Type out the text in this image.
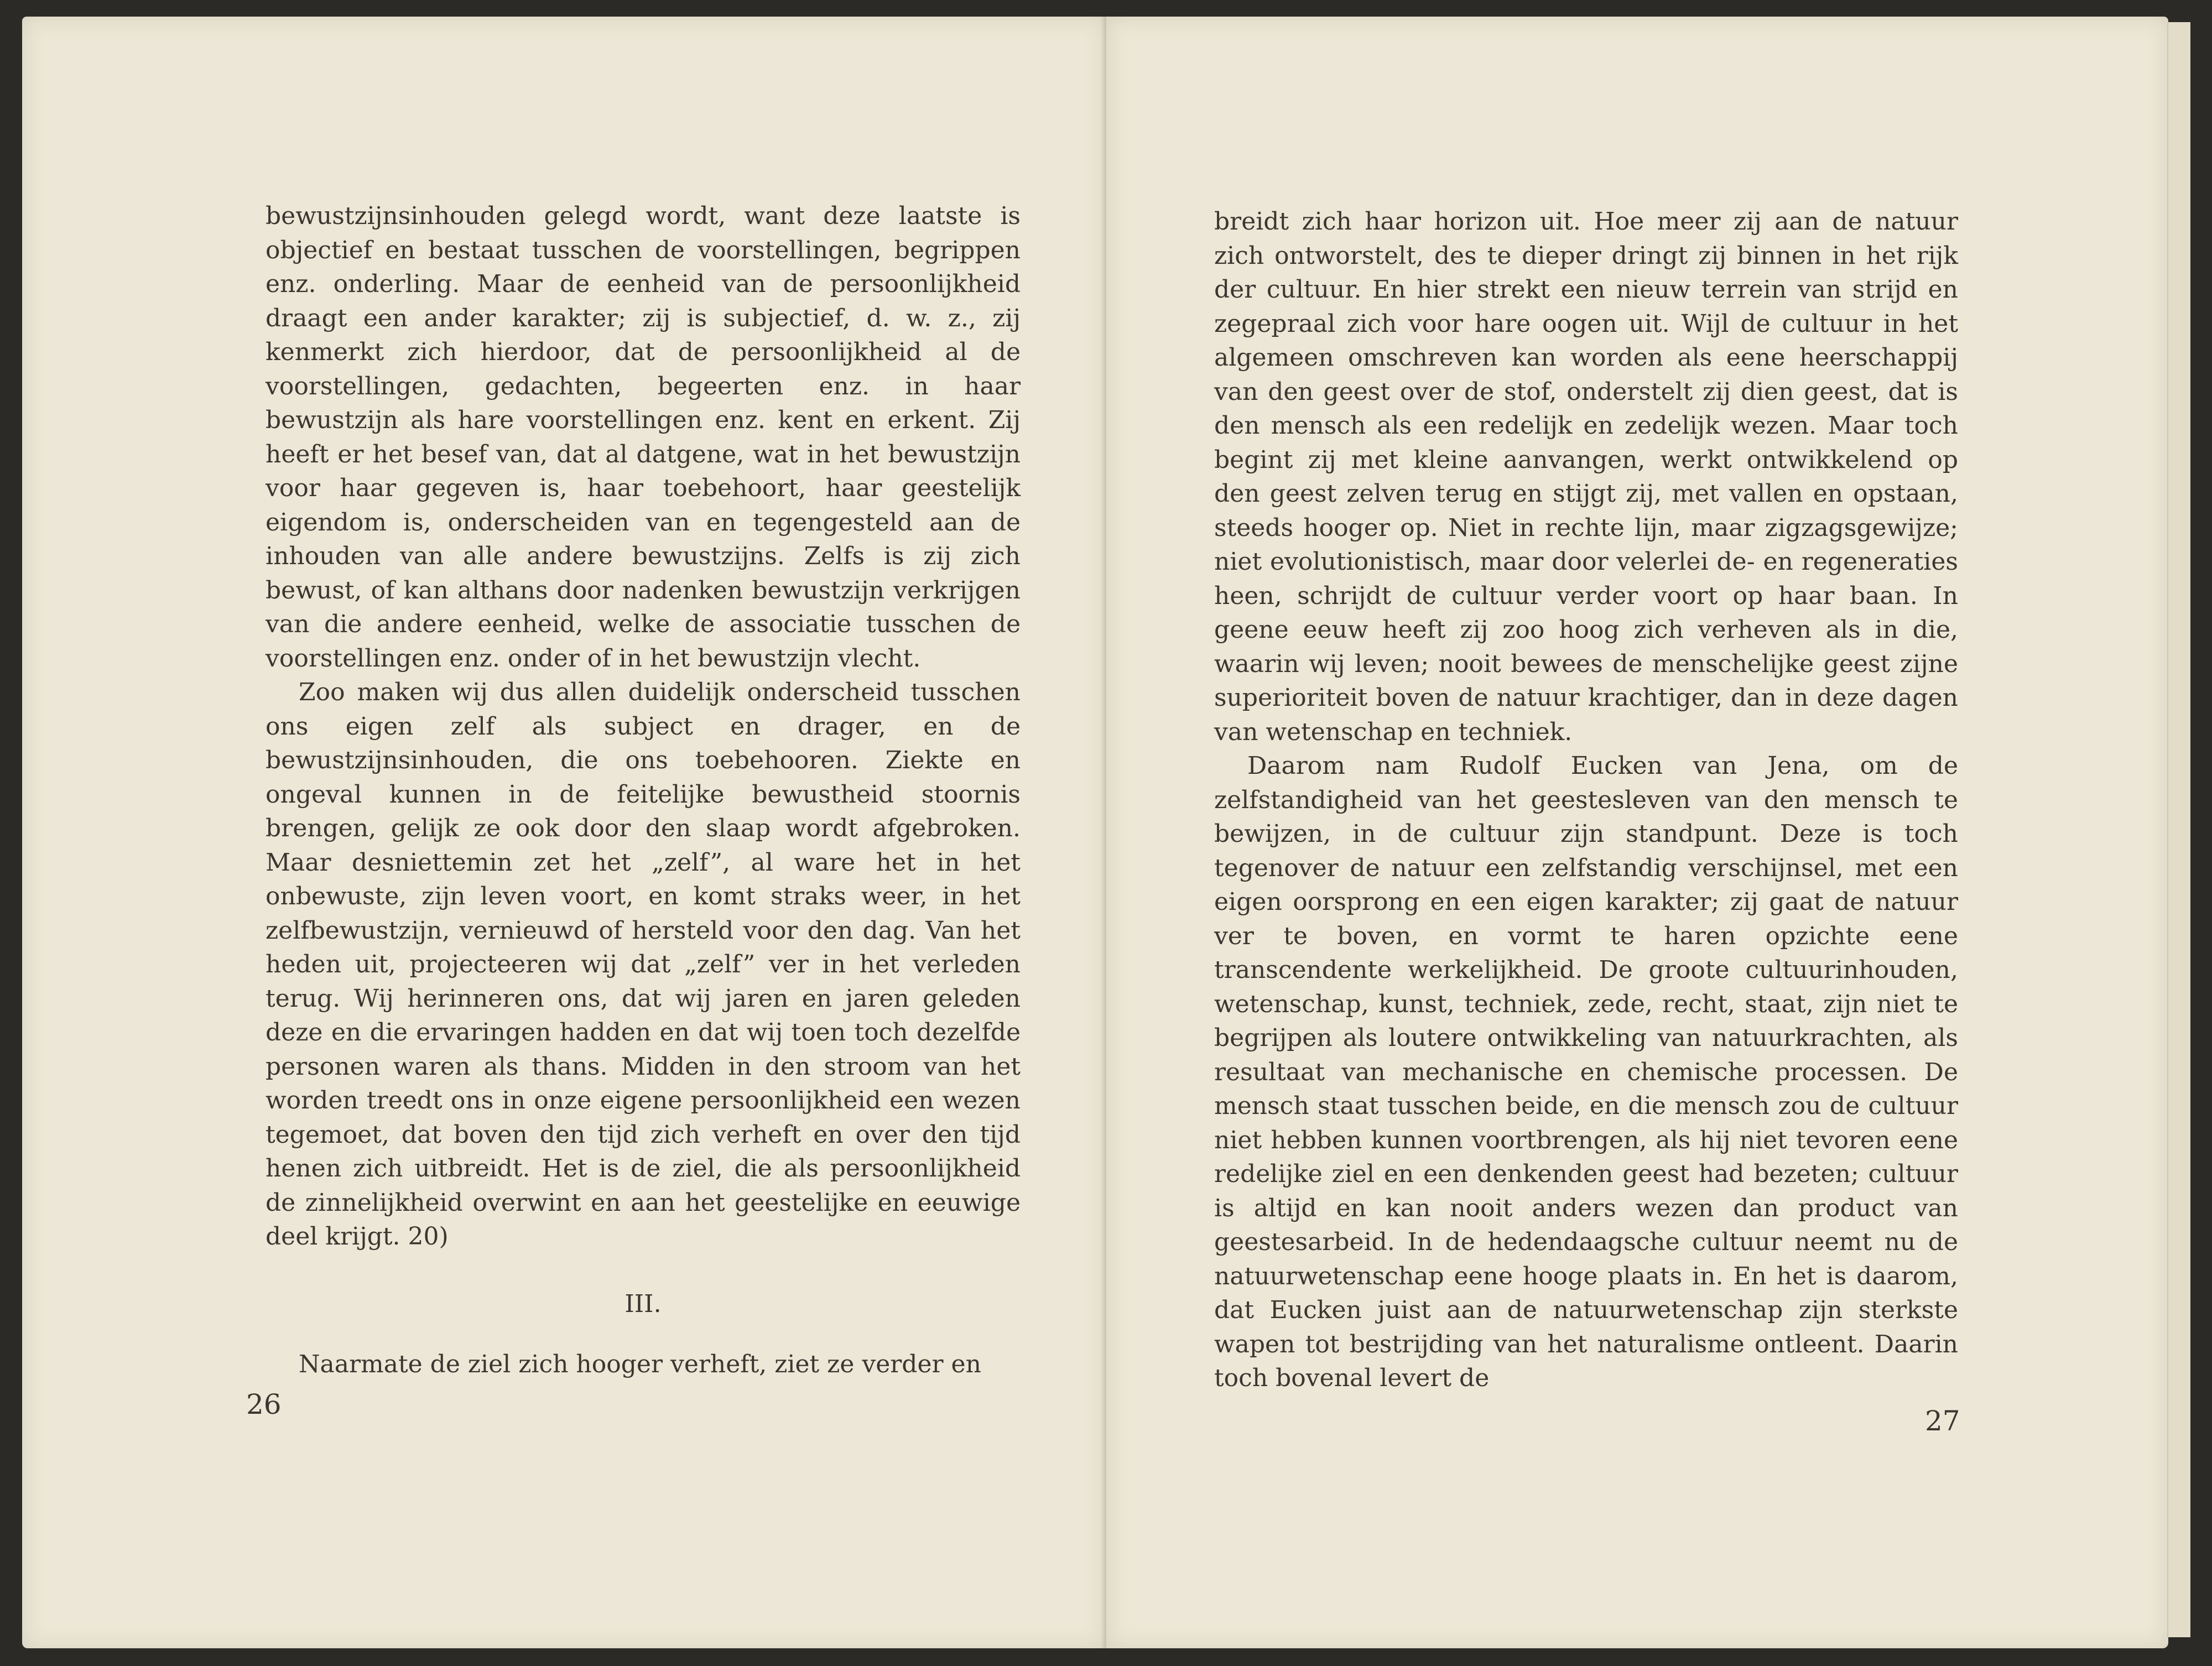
bewustzijnsinhouden gelegd wordt, want deze laatste is objectief en bestaat tusschen de voorstellingen, begrippen enz. onderling. Maar de eenheid van de persoonlijkheid draagt een ander karakter; zij is subjectief, d. w. z., zij kenmerkt zich hierdoor, dat de persoonlijkheid al de voorstellingen, gedachten, begeerten enz. in haar bewustzijn als hare voorstellingen enz. kent en erkent. Zij heeft er het besef van, dat al datgene, wat in het bewustzijn voor haar gegeven is, haar toebehoort, haar geestelijk eigendom is, onderscheiden van en tegengesteld aan de inhouden van alle andere bewustzijns. Zelfs is zij zich bewust, of kan althans door nadenken bewustzijn verkrijgen van die andere eenheid, welke de associatie tusschen de voorstellingen enz. onder of in het bewustzijn vlecht.

Zoo maken wij dus allen duidelijk onderscheid tusschen ons eigen zelf als subject en drager, en de bewustzijnsinhouden, die ons toebehooren. Ziekte en ongeval kunnen in de feitelijke bewustheid stoornis brengen, gelijk ze ook door den slaap wordt afgebroken. Maar desniettemin zet het „zelf”, al ware het in het onbewuste, zijn leven voort, en komt straks weer, in het zelfbewustzijn, vernieuwd of hersteld voor den dag. Van het heden uit, projecteeren wij dat „zelf” ver in het verleden terug. Wij herinneren ons, dat wij jaren en jaren geleden deze en die ervaringen hadden en dat wij toen toch dezelfde personen waren als thans. Midden in den stroom van het worden treedt ons in onze eigene persoonlijkheid een wezen tegemoet, dat boven den tijd zich verheft en over den tijd henen zich uitbreidt. Het is de ziel, die als persoonlijkheid de zinnelijkheid overwint en aan het geestelijke en eeuwige deel krijgt. 20)

III.

Naarmate de ziel zich hooger verheft, ziet ze verder en

26

breidt zich haar horizon uit. Hoe meer zij aan de natuur zich ontworstelt, des te dieper dringt zij binnen in het rijk der cultuur. En hier strekt een nieuw terrein van strijd en zegepraal zich voor hare oogen uit. Wijl de cultuur in het algemeen omschreven kan worden als eene heerschappij van den geest over de stof, onderstelt zij dien geest, dat is den mensch als een redelijk en zedelijk wezen. Maar toch begint zij met kleine aanvangen, werkt ontwikkelend op den geest zelven terug en stijgt zij, met vallen en opstaan, steeds hooger op. Niet in rechte lijn, maar zigzagsgewijze; niet evolutionistisch, maar door velerlei de- en regeneraties heen, schrijdt de cultuur verder voort op haar baan. In geene eeuw heeft zij zoo hoog zich verheven als in die, waarin wij leven; nooit bewees de menschelijke geest zijne superioriteit boven de natuur krachtiger, dan in deze dagen van wetenschap en techniek.

Daarom nam Rudolf Eucken van Jena, om de zelfstandigheid van het geestesleven van den mensch te bewijzen, in de cultuur zijn standpunt. Deze is toch tegenover de natuur een zelfstandig verschijnsel, met een eigen oorsprong en een eigen karakter; zij gaat de natuur ver te boven, en vormt te haren opzichte eene transcendente werkelijkheid. De groote cultuurinhouden, wetenschap, kunst, techniek, zede, recht, staat, zijn niet te begrijpen als loutere ontwikkeling van natuurkrachten, als resultaat van mechanische en chemische processen. De mensch staat tusschen beide, en die mensch zou de cultuur niet hebben kunnen voortbrengen, als hij niet tevoren eene redelijke ziel en een denkenden geest had bezeten; cultuur is altijd en kan nooit anders wezen dan product van geestesarbeid. In de hedendaagsche cultuur neemt nu de natuurwetenschap eene hooge plaats in. En het is daarom, dat Eucken juist aan de natuurwetenschap zijn sterkste wapen tot bestrijding van het naturalisme ontleent. Daarin toch bovenal levert de

27
